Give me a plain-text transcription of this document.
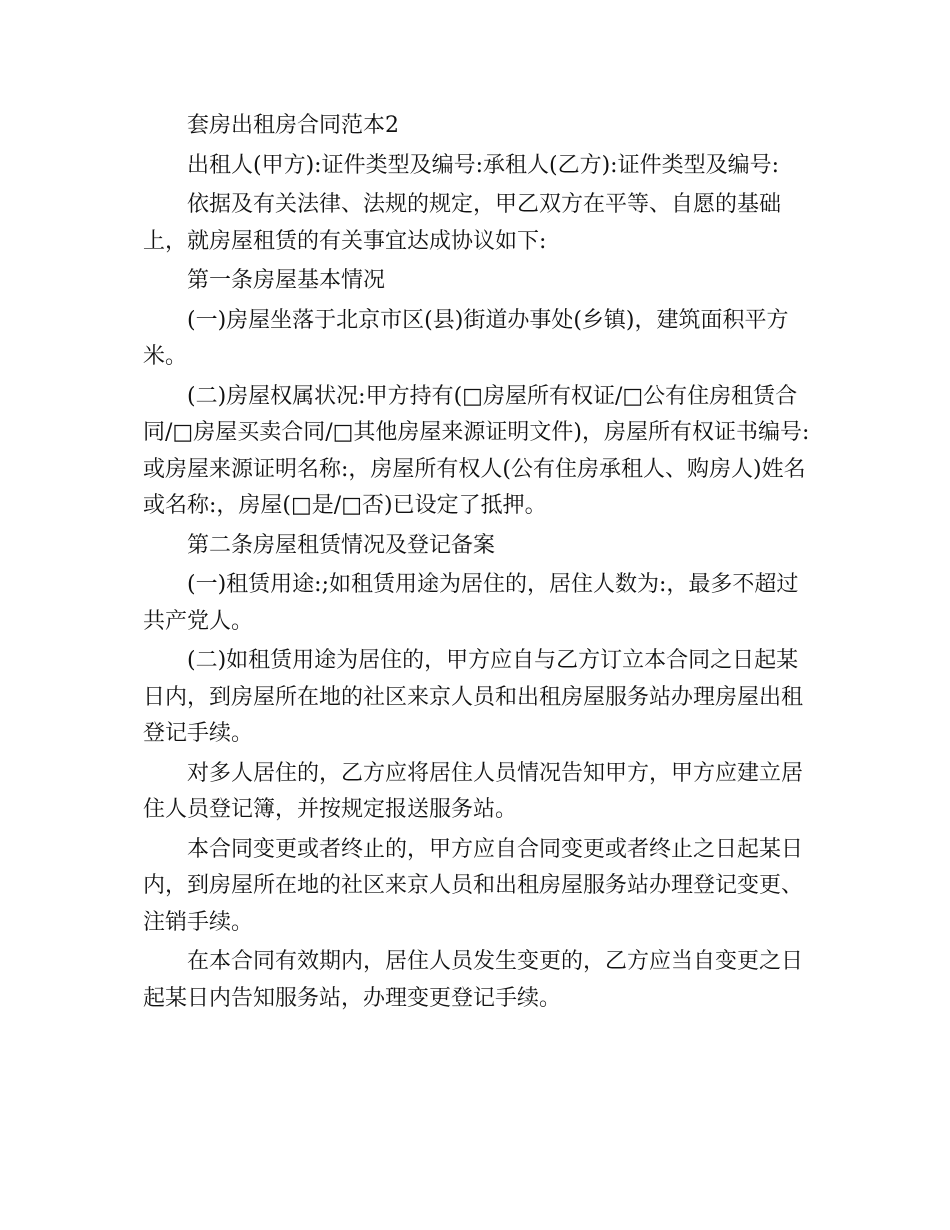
套房出租房合同范本2

出租人(甲方):证件类型及编号:承租人(乙方):证件类型及编号:

依据及有关法律、法规的规定，甲乙双方在平等、自愿的基础上，就房屋租赁的有关事宜达成协议如下:

第一条房屋基本情况

(一)房屋坐落于北京市区(县)街道办事处(乡镇)，建筑面积平方米。

(二)房屋权属状况:甲方持有(□房屋所有权证/□公有住房租赁合同/□房屋买卖合同/□其他房屋来源证明文件)，房屋所有权证书编号:或房屋来源证明名称:，房屋所有权人(公有住房承租人、购房人)姓名或名称:，房屋(□是/□否)已设定了抵押。

第二条房屋租赁情况及登记备案

(一)租赁用途:;如租赁用途为居住的，居住人数为:，最多不超过共产党人。

(二)如租赁用途为居住的，甲方应自与乙方订立本合同之日起某日内，到房屋所在地的社区来京人员和出租房屋服务站办理房屋出租登记手续。

对多人居住的，乙方应将居住人员情况告知甲方，甲方应建立居住人员登记簿，并按规定报送服务站。

本合同变更或者终止的，甲方应自合同变更或者终止之日起某日内，到房屋所在地的社区来京人员和出租房屋服务站办理登记变更、注销手续。

在本合同有效期内，居住人员发生变更的，乙方应当自变更之日起某日内告知服务站，办理变更登记手续。
